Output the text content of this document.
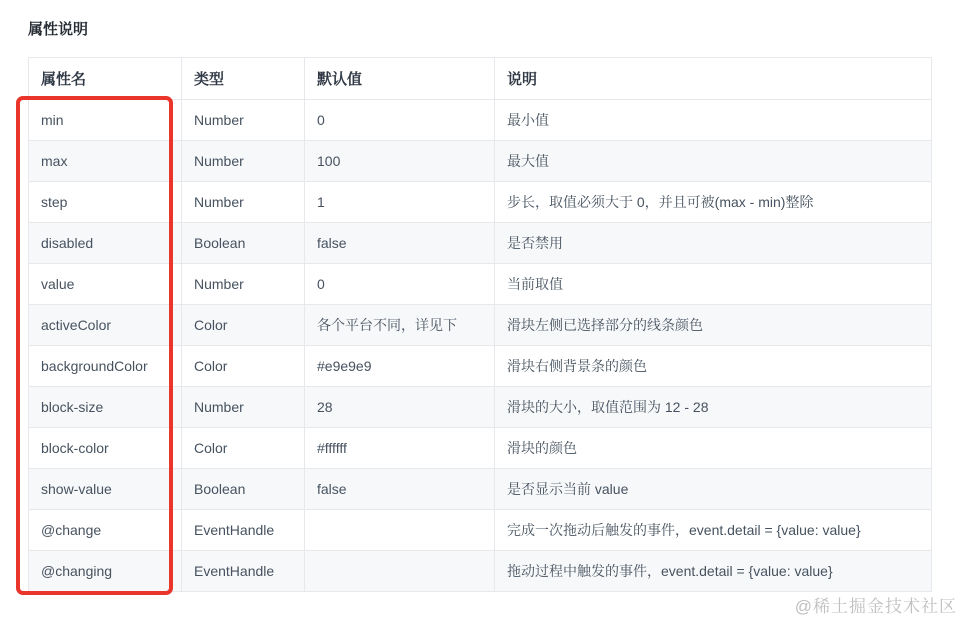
属性说明
属性名	类型	默认值	说明
min	Number	0	最小值
max	Number	100	最大值
step	Number	1	步长，取值必须大于 0，并且可被(max - min)整除
disabled	Boolean	false	是否禁用
value	Number	0	当前取值
activeColor	Color	各个平台不同，详见下	滑块左侧已选择部分的线条颜色
backgroundColor	Color	#e9e9e9	滑块右侧背景条的颜色
block-size	Number	28	滑块的大小，取值范围为 12 - 28
block-color	Color	#ffffff	滑块的颜色
show-value	Boolean	false	是否显示当前 value
@change	EventHandle		完成一次拖动后触发的事件，event.detail = {value: value}
@changing	EventHandle		拖动过程中触发的事件，event.detail = {value: value}
@稀土掘金技术社区
